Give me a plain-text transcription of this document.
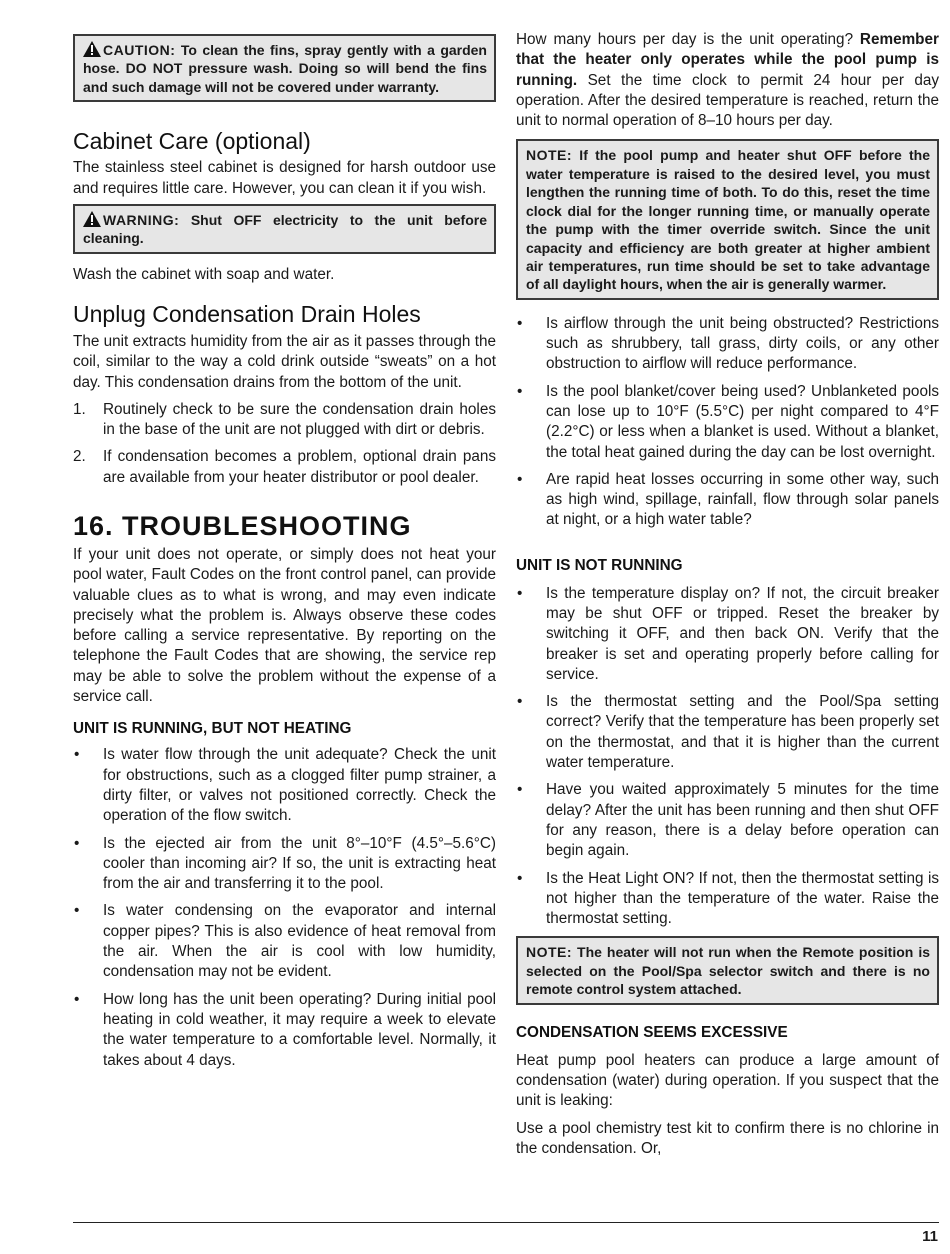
CAUTION: To clean the fins, spray gently with a garden hose. DO NOT pressure wash. Doing so will bend the fins and such damage will not be covered under warranty.
Cabinet Care (optional)

The stainless steel cabinet is designed for harsh outdoor use and requires little care. However, you can clean it if you wish.

WARNING: Shut OFF electricity to the unit before cleaning.

Wash the cabinet with soap and water.

Unplug Condensation Drain Holes

The unit extracts humidity from the air as it passes through the coil, similar to the way a cold drink outside “sweats” on a hot day. This condensation drains from the bottom of the unit.

1. Routinely check to be sure the condensation drain holes in the base of the unit are not plugged with dirt or debris.
2. If condensation becomes a problem, optional drain pans are available from your heater distributor or pool dealer.
16. TROUBLESHOOTING

If your unit does not operate, or simply does not heat your pool water, Fault Codes on the front control panel, can provide valuable clues as to what is wrong, and may even indicate precisely what the problem is. Always observe these codes before calling a service representative. By reporting on the telephone the Fault Codes that are showing, the service rep may be able to solve the problem without the expense of a service call.

UNIT IS RUNNING, BUT NOT HEATING
• Is water flow through the unit adequate? Check the unit for obstructions, such as a clogged filter pump strainer, a dirty filter, or valves not positioned correctly. Check the operation of the flow switch.
• Is the ejected air from the unit 8°–10°F (4.5°–5.6°C) cooler than incoming air? If so, the unit is extracting heat from the air and transferring it to the pool.
• Is water condensing on the evaporator and internal copper pipes? This is also evidence of heat removal from the air. When the air is cool with low humidity, condensation may not be evident.
• How long has the unit been operating? During initial pool heating in cold weather, it may require a week to elevate the water temperature to a comfortable level. Normally, it takes about 4 days.

How many hours per day is the unit operating? Remember that the heater only operates while the pool pump is running. Set the time clock to permit 24 hour per day operation. After the desired temperature is reached, return the unit to normal operation of 8–10 hours per day.

NOTE: If the pool pump and heater shut OFF before the water temperature is raised to the desired level, you must lengthen the running time of both. To do this, reset the time clock dial for the longer running time, or manually operate the pump with the timer override switch. Since the unit capacity and efficiency are both greater at higher ambient air temperatures, run time should be set to take advantage of all daylight hours, when the air is generally warmer.
• Is airflow through the unit being obstructed? Restrictions such as shrubbery, tall grass, dirty coils, or any other obstruction to airflow will reduce performance.
• Is the pool blanket/cover being used? Unblanketed pools can lose up to 10°F (5.5°C) per night compared to 4°F (2.2°C) or less when a blanket is used. Without a blanket, the total heat gained during the day can be lost overnight.
• Are rapid heat losses occurring in some other way, such as high wind, spillage, rainfall, flow through solar panels at night, or a high water table?
UNIT IS NOT RUNNING
• Is the temperature display on? If not, the circuit breaker may be shut OFF or tripped. Reset the breaker by switching it OFF, and then back ON. Verify that the breaker is set and operating properly before calling for service.
• Is the thermostat setting and the Pool/Spa setting correct? Verify that the temperature has been properly set on the thermostat, and that it is higher than the current water temperature.
• Have you waited approximately 5 minutes for the time delay? After the unit has been running and then shut OFF for any reason, there is a delay before operation can begin again.
• Is the Heat Light ON? If not, then the thermostat setting is not higher than the temperature of the water. Raise the thermostat setting.
NOTE: The heater will not run when the Remote position is selected on the Pool/Spa selector switch and there is no remote control system attached.
CONDENSATION SEEMS EXCESSIVE

Heat pump pool heaters can produce a large amount of condensation (water) during operation. If you suspect that the unit is leaking:

Use a pool chemistry test kit to confirm there is no chlorine in the condensation. Or,

11
